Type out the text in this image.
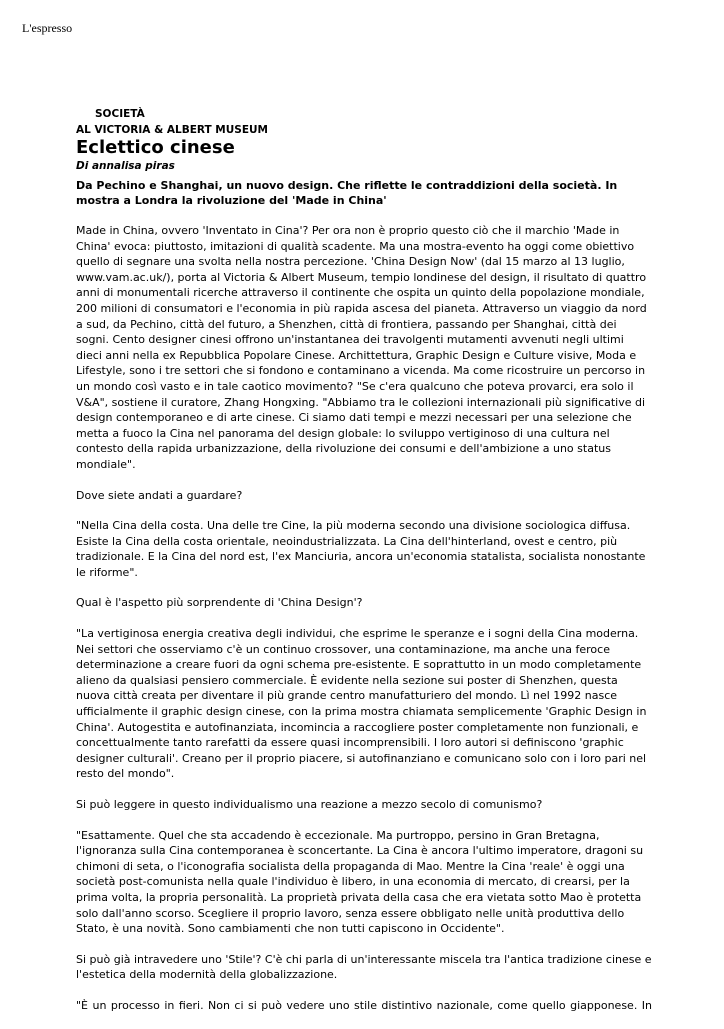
L'espresso
SOCIETÀ
AL VICTORIA & ALBERT MUSEUM
Eclettico cinese
Di annalisa piras
Da Pechino e Shanghai, un nuovo design. Che riflette le contraddizioni della società. In mostra a Londra la rivoluzione del 'Made in China'

Made in China, ovvero 'Inventato in Cina'? Per ora non è proprio questo ciò che il marchio 'Made in China' evoca: piuttosto, imitazioni di qualità scadente. Ma una mostra-evento ha oggi come obiettivo quello di segnare una svolta nella nostra percezione. 'China Design Now' (dal 15 marzo al 13 luglio, www.vam.ac.uk/), porta al Victoria & Albert Museum, tempio londinese del design, il risultato di quattro anni di monumentali ricerche attraverso il continente che ospita un quinto della popolazione mondiale, 200 milioni di consumatori e l'economia in più rapida ascesa del pianeta. Attraverso un viaggio da nord a sud, da Pechino, città del futuro, a Shenzhen, città di frontiera, passando per Shanghai, città dei sogni. Cento designer cinesi offrono un'instantanea dei travolgenti mutamenti avvenuti negli ultimi dieci anni nella ex Repubblica Popolare Cinese. Archittettura, Graphic Design e Culture visive, Moda e Lifestyle, sono i tre settori che si fondono e contaminano a vicenda. Ma come ricostruire un percorso in un mondo così vasto e in tale caotico movimento? "Se c'era qualcuno che poteva provarci, era solo il V&A", sostiene il curatore, Zhang Hongxing. "Abbiamo tra le collezioni internazionali più significative di design contemporaneo e di arte cinese. Ci siamo dati tempi e mezzi necessari per una selezione che metta a fuoco la Cina nel panorama del design globale: lo sviluppo vertiginoso di una cultura nel contesto della rapida urbanizzazione, della rivoluzione dei consumi e dell'ambizione a uno status mondiale".

Dove siete andati a guardare?

"Nella Cina della costa. Una delle tre Cine, la più moderna secondo una divisione sociologica diffusa. Esiste la Cina della costa orientale, neoindustrializzata. La Cina dell'hinterland, ovest e centro, più tradizionale. E la Cina del nord est, l'ex Manciuria, ancora un'economia statalista, socialista nonostante le riforme".

Qual è l'aspetto più sorprendente di 'China Design'?

"La vertiginosa energia creativa degli individui, che esprime le speranze e i sogni della Cina moderna. Nei settori che osserviamo c'è un continuo crossover, una contaminazione, ma anche una feroce determinazione a creare fuori da ogni schema pre-esistente. E soprattutto in un modo completamente alieno da qualsiasi pensiero commerciale. È evidente nella sezione sui poster di Shenzhen, questa nuova città creata per diventare il più grande centro manufatturiero del mondo. Lì nel 1992 nasce ufficialmente il graphic design cinese, con la prima mostra chiamata semplicemente 'Graphic Design in China'. Autogestita e autofinanziata, incomincia a raccogliere poster completamente non funzionali, e concettualmente tanto rarefatti da essere quasi incomprensibili. I loro autori si definiscono 'graphic designer culturali'. Creano per il proprio piacere, si autofinanziano e comunicano solo con i loro pari nel resto del mondo".

Si può leggere in questo individualismo una reazione a mezzo secolo di comunismo?

"Esattamente. Quel che sta accadendo è eccezionale. Ma purtroppo, persino in Gran Bretagna, l'ignoranza sulla Cina contemporanea è sconcertante. La Cina è ancora l'ultimo imperatore, dragoni su chimoni di seta, o l'iconografia socialista della propaganda di Mao. Mentre la Cina 'reale' è oggi una società post-comunista nella quale l'individuo è libero, in una economia di mercato, di crearsi, per la prima volta, la propria personalità. La proprietà privata della casa che era vietata sotto Mao è protetta solo dall'anno scorso. Scegliere il proprio lavoro, senza essere obbligato nelle unità produttiva dello Stato, è una novità. Sono cambiamenti che non tutti capiscono in Occidente".

Si può già intravedere uno 'Stile'? C'è chi parla di un'interessante miscela tra l'antica tradizione cinese e l'estetica della modernità della globalizzazione.

"È un processo in fieri. Non ci si può vedere uno stile distintivo nazionale, come quello giapponese. In
